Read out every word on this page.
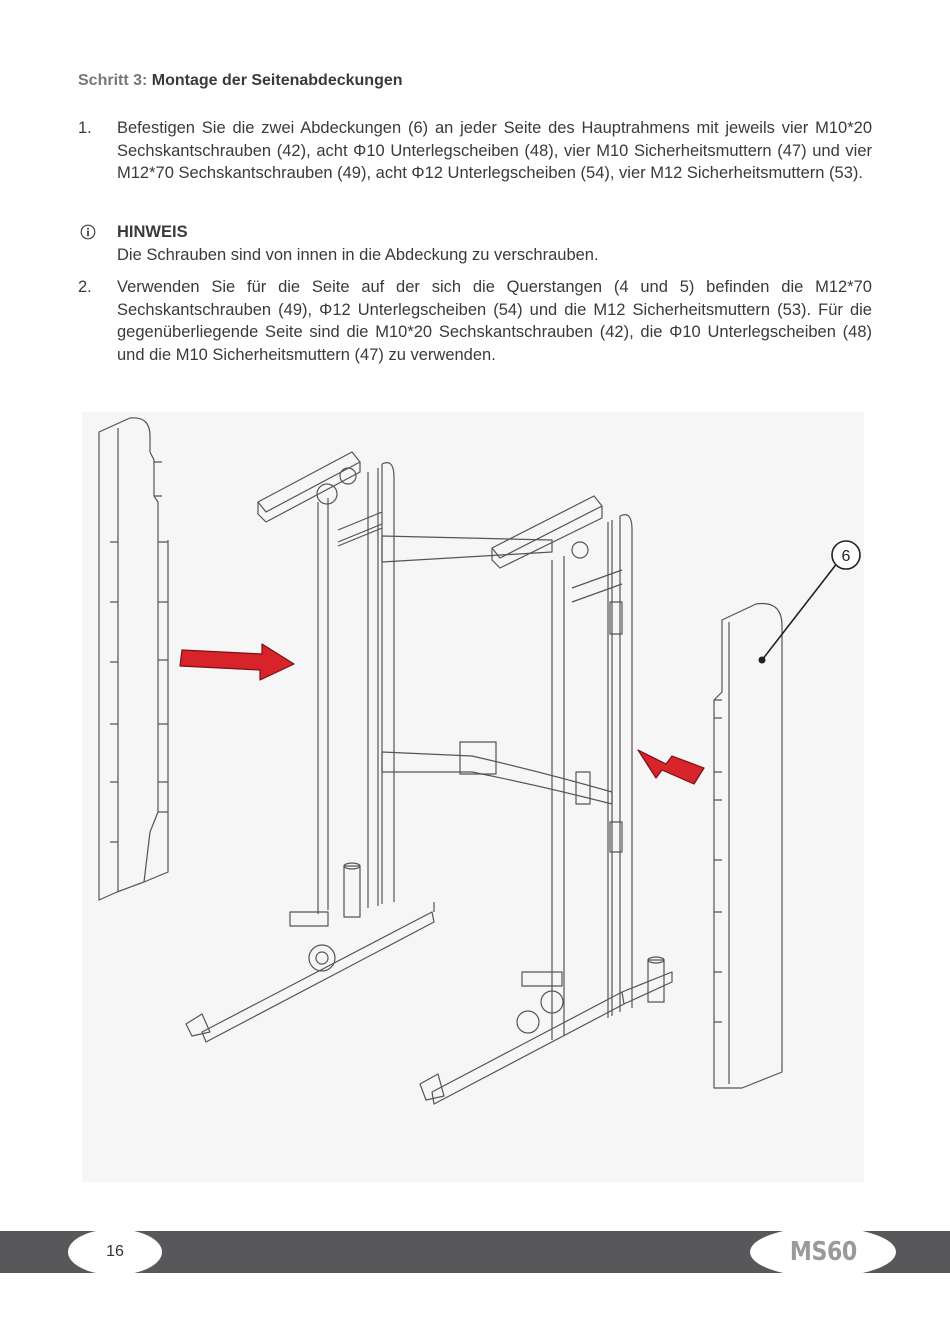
Schritt 3: Montage der Seitenabdeckungen
1. Befestigen Sie die zwei Abdeckungen (6) an jeder Seite des Hauptrahmens mit jeweils vier M10*20 Sechskantschrauben (42), acht Φ10 Unterlegscheiben (48), vier M10 Sicherheitsmuttern (47) und vier M12*70 Sechskantschrauben (49), acht Φ12 Unterlegscheiben (54), vier M12 Sicherheitsmuttern (53).
HINWEIS
Die Schrauben sind von innen in die Abdeckung zu verschrauben.
2. Verwenden Sie für die Seite auf der sich die Querstangen (4 und 5) befinden die M12*70 Sechskantschrauben (49), Φ12 Unterlegscheiben (54) und die M12 Sicherheitsmuttern (53). Für die gegenüberliegende Seite sind die M10*20 Sechskantschrauben (42), die Φ10 Unterlegscheiben (48) und die M10 Sicherheitsmuttern (47) zu verwenden.
6
16	MS60
